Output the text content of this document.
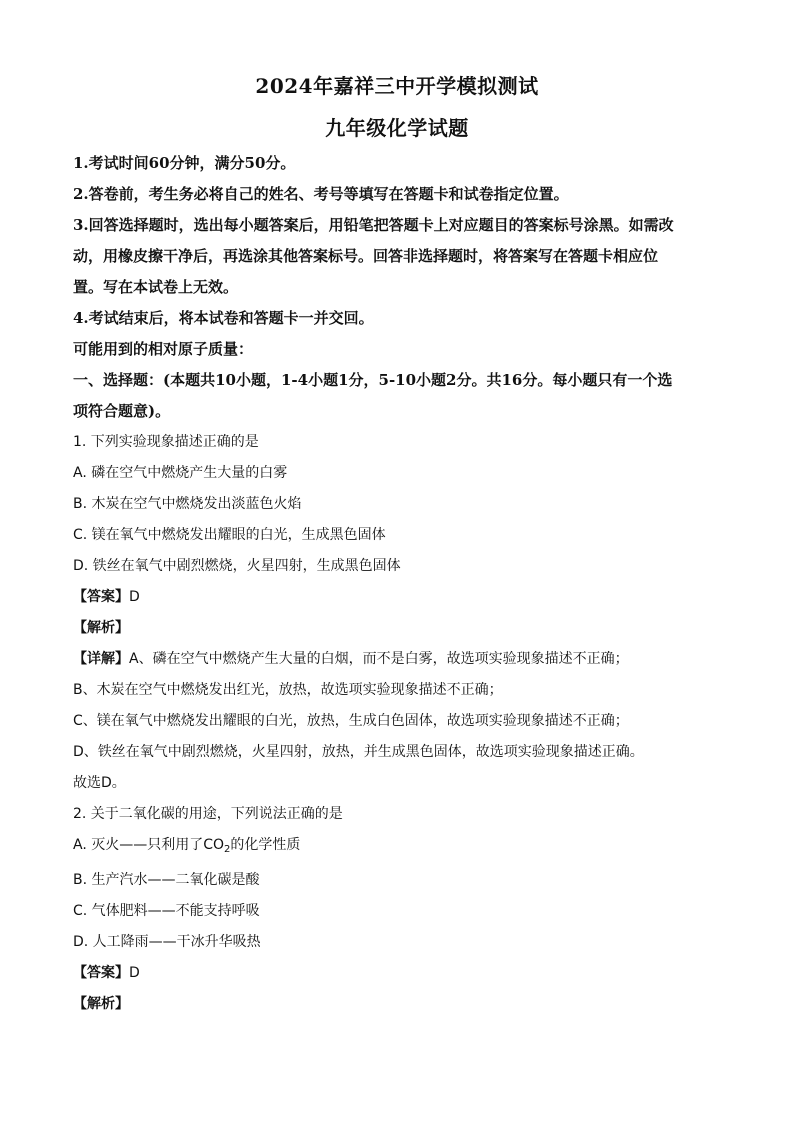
2024年嘉祥三中开学模拟测试
九年级化学试题
1.考试时间60分钟，满分50分。
2.答卷前，考生务必将自己的姓名、考号等填写在答题卡和试卷指定位置。
3.回答选择题时，选出每小题答案后，用铅笔把答题卡上对应题目的答案标号涂黑。如需改
动，用橡皮擦干净后，再选涂其他答案标号。回答非选择题时，将答案写在答题卡相应位
置。写在本试卷上无效。
4.考试结束后，将本试卷和答题卡一并交回。
可能用到的相对原子质量：
一、选择题：(本题共10小题，1-4小题1分，5-10小题2分。共16分。每小题只有一个选
项符合题意)。
1. 下列实验现象描述正确的是
A. 磷在空气中燃烧产生大量的白雾
B. 木炭在空气中燃烧发出淡蓝色火焰
C. 镁在氧气中燃烧发出耀眼的白光，生成黑色固体
D. 铁丝在氧气中剧烈燃烧，火星四射，生成黑色固体
【答案】D
【解析】
【详解】A、磷在空气中燃烧产生大量的白烟，而不是白雾，故选项实验现象描述不正确；
B、木炭在空气中燃烧发出红光，放热，故选项实验现象描述不正确；
C、镁在氧气中燃烧发出耀眼的白光，放热，生成白色固体，故选项实验现象描述不正确；
D、铁丝在氧气中剧烈燃烧，火星四射，放热，并生成黑色固体，故选项实验现象描述正确。
故选D。
2. 关于二氧化碳的用途，下列说法正确的是
A. 灭火——只利用了$CO_2$的化学性质
B. 生产汽水——二氧化碳是酸
C. 气体肥料——不能支持呼吸
D. 人工降雨——干冰升华吸热
【答案】D
【解析】
